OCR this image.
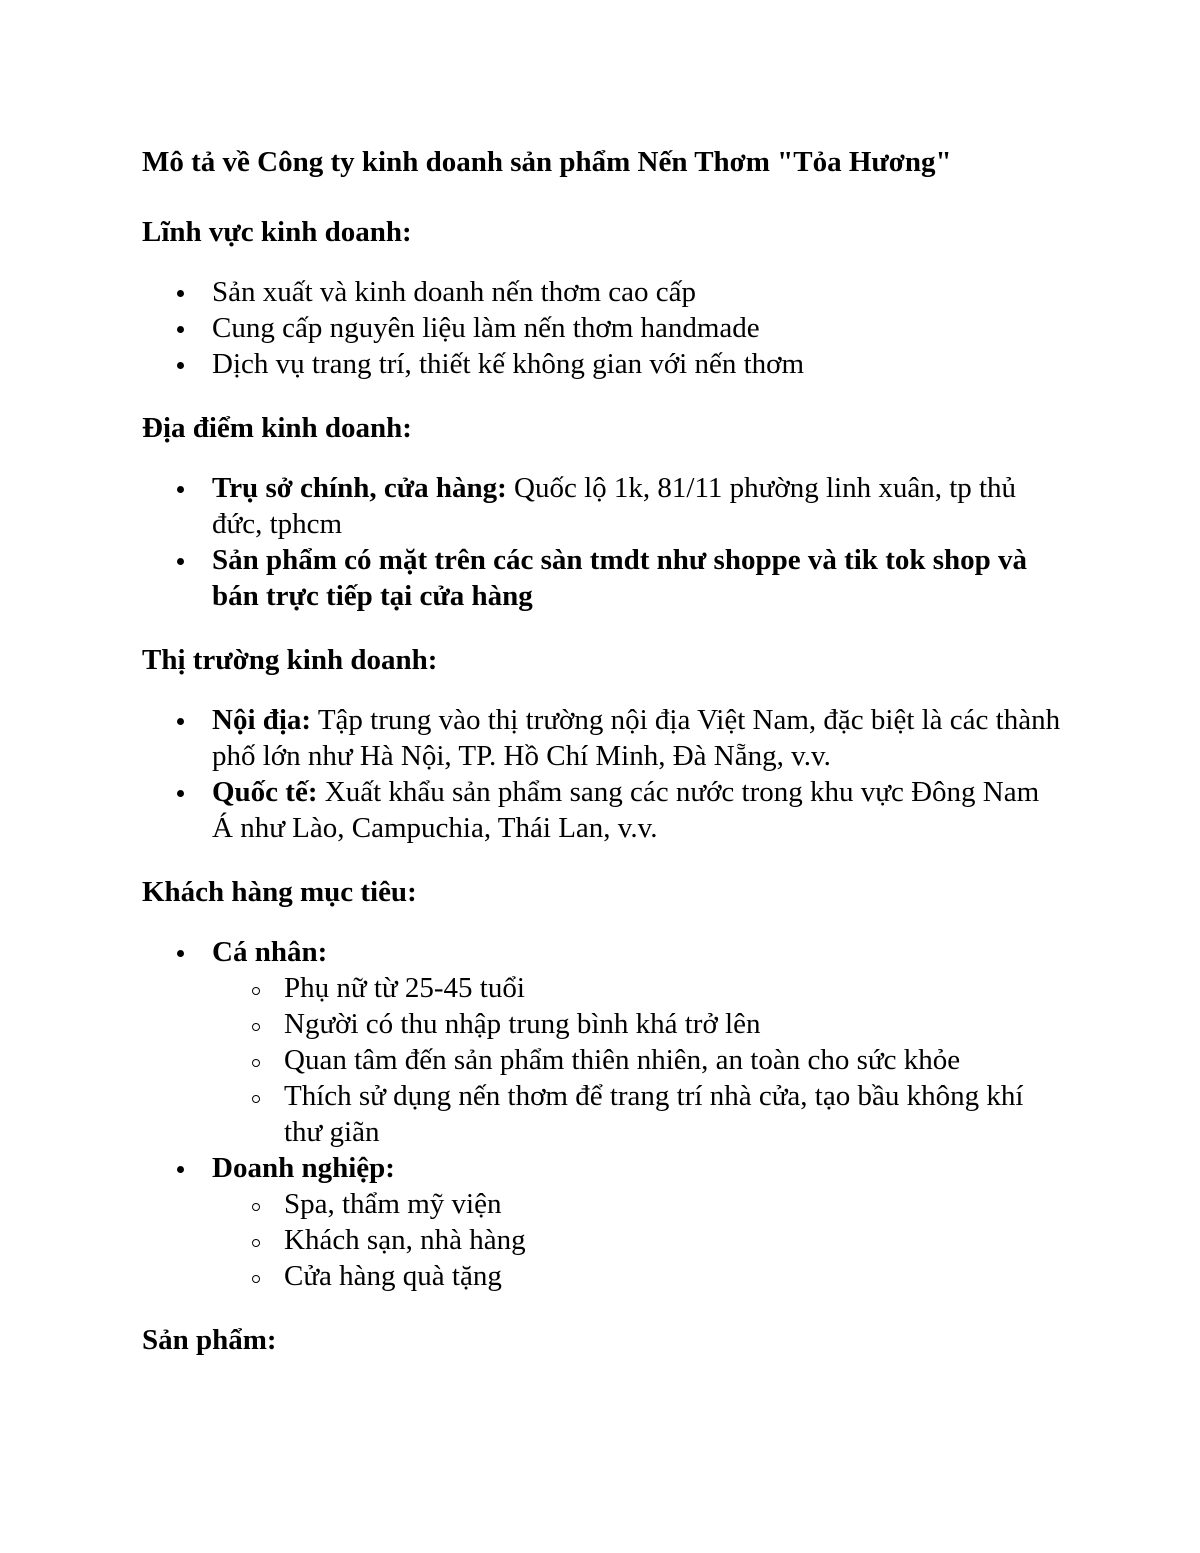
Mô tả về Công ty kinh doanh sản phẩm Nến Thơm "Tỏa Hương"
Lĩnh vực kinh doanh:
Sản xuất và kinh doanh nến thơm cao cấp
Cung cấp nguyên liệu làm nến thơm handmade
Dịch vụ trang trí, thiết kế không gian với nến thơm
Địa điểm kinh doanh:
Trụ sở chính, cửa hàng: Quốc lộ 1k, 81/11 phường linh xuân, tp thủ đức, tphcm
Sản phẩm có mặt trên các sàn tmdt như shoppe và tik tok shop và bán trực tiếp tại cửa hàng
Thị trường kinh doanh:
Nội địa: Tập trung vào thị trường nội địa Việt Nam, đặc biệt là các thành phố lớn như Hà Nội, TP. Hồ Chí Minh, Đà Nẵng, v.v.
Quốc tế: Xuất khẩu sản phẩm sang các nước trong khu vực Đông Nam Á như Lào, Campuchia, Thái Lan, v.v.
Khách hàng mục tiêu:
Cá nhân:
Phụ nữ từ 25-45 tuổi
Người có thu nhập trung bình khá trở lên
Quan tâm đến sản phẩm thiên nhiên, an toàn cho sức khỏe
Thích sử dụng nến thơm để trang trí nhà cửa, tạo bầu không khí thư giãn
Doanh nghiệp:
Spa, thẩm mỹ viện
Khách sạn, nhà hàng
Cửa hàng quà tặng
Sản phẩm:
